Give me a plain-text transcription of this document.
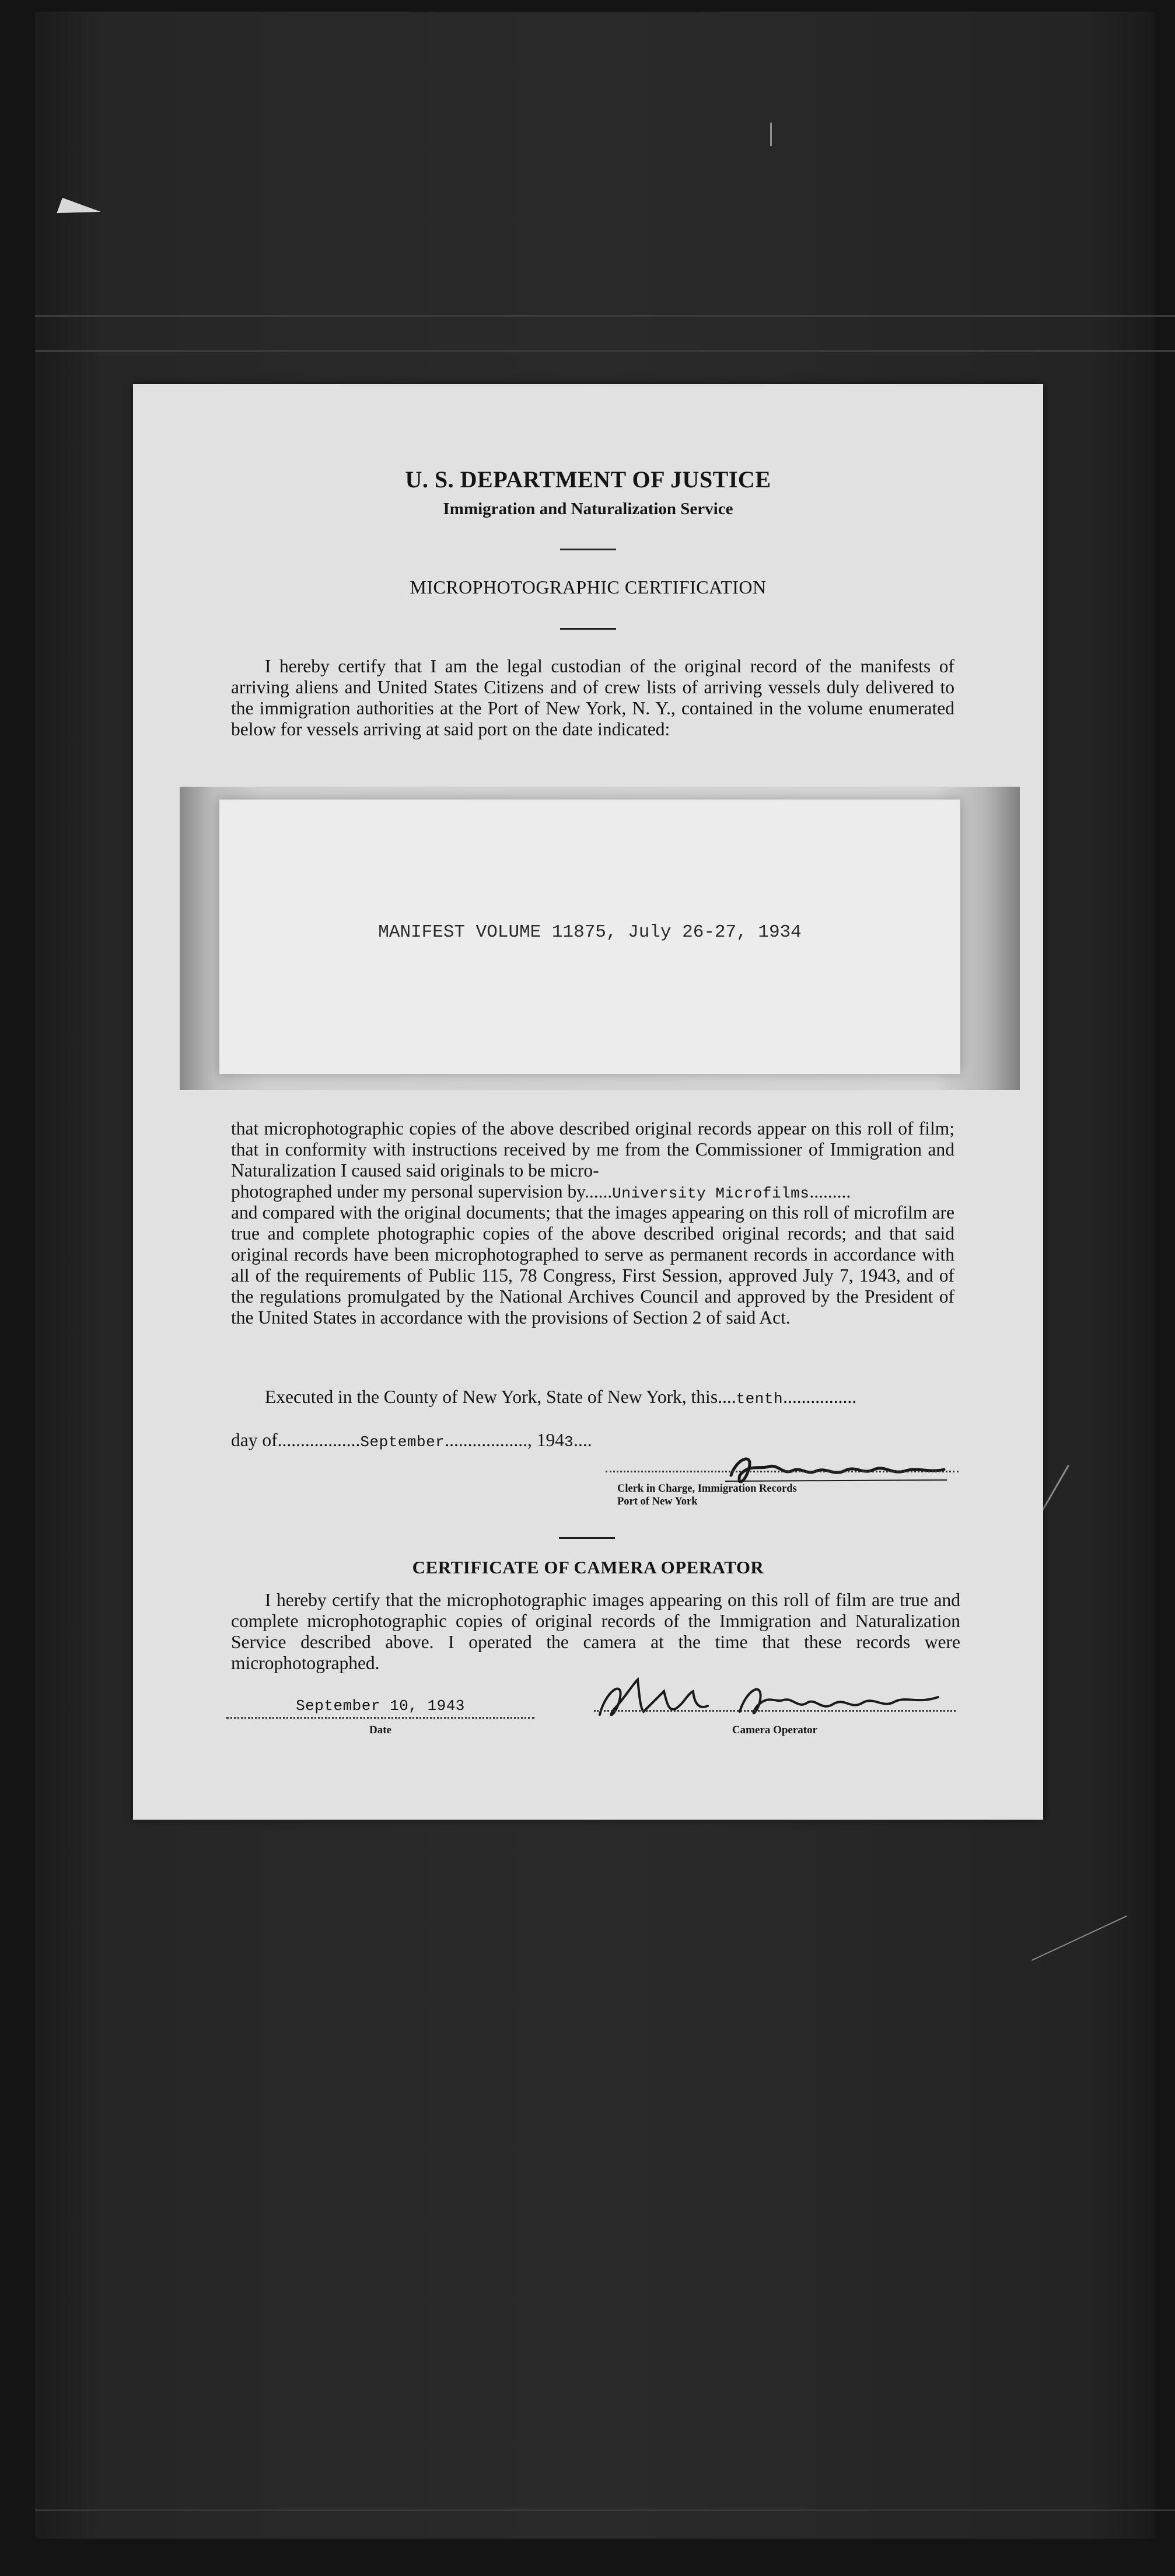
U. S. DEPARTMENT OF JUSTICE
Immigration and Naturalization Service
MICROPHOTOGRAPHIC CERTIFICATION
I hereby certify that I am the legal custodian of the original record of the manifests of arriving aliens and United States Citizens and of crew lists of arriving vessels duly delivered to the immigration authorities at the Port of New York, N. Y., contained in the volume enumerated below for vessels arriving at said port on the date indicated:
MANIFEST VOLUME 11875, July 26-27, 1934
that microphotographic copies of the above described original records appear on this roll of film; that in conformity with instructions received by me from the Commissioner of Immigration and Naturalization I caused said originals to be micro-
photographed under my personal supervision by......University Microfilms.........
and compared with the original documents; that the images appearing on this roll of microfilm are true and complete photographic copies of the above described original records; and that said original records have been microphotographed to serve as permanent records in accordance with all of the requirements of Public 115, 78 Congress, First Session, approved July 7, 1943, and of the regulations promulgated by the National Archives Council and approved by the President of the United States in accordance with the provisions of Section 2 of said Act.
Executed in the County of New York, State of New York, this....tenth................
day of..................September.................., 1943....
Clerk in Charge, Immigration Records
Port of New York
CERTIFICATE OF CAMERA OPERATOR
I hereby certify that the microphotographic images appearing on this roll of film are true and complete microphotographic copies of original records of the Immigration and Naturalization Service described above. I operated the camera at the time that these records were microphotographed.
September 10, 1943
Date	Camera Operator
